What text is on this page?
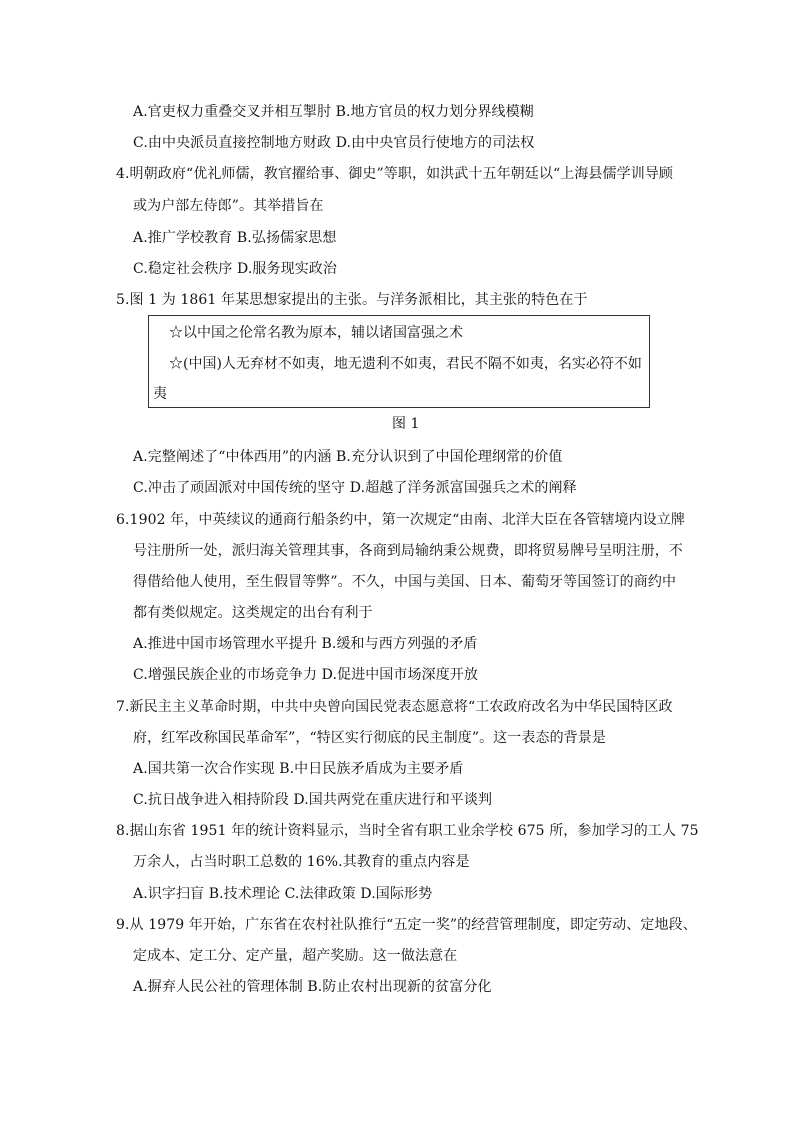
A.官吏权力重叠交叉并相互掣肘 B.地方官员的权力划分界线模糊
C.由中央派员直接控制地方财政 D.由中央官员行使地方的司法权
4.明朝政府“优礼师儒，教官擢给事、御史”等职，如洪武十五年朝廷以“上海县儒学训导顾
或为户部左侍郎”。其举措旨在
A.推广学校教育 B.弘扬儒家思想
C.稳定社会秩序 D.服务现实政治
5.图 1 为 1861 年某思想家提出的主张。与洋务派相比，其主张的特色在于
☆以中国之伦常名教为原本，辅以诸国富强之术
☆(中国)人无弃材不如夷，地无遗利不如夷，君民不隔不如夷，名实必符不如
夷
图 1
A.完整阐述了“中体西用”的内涵 B.充分认识到了中国伦理纲常的价值
C.冲击了顽固派对中国传统的坚守 D.超越了洋务派富国强兵之术的阐释
6.1902 年，中英续议的通商行船条约中，第一次规定“由南、北洋大臣在各管辖境内设立牌
号注册所一处，派归海关管理其事，各商到局输纳秉公规费，即将贸易牌号呈明注册，不
得借给他人使用，至生假冒等弊”。不久，中国与美国、日本、葡萄牙等国签订的商约中
都有类似规定。这类规定的出台有利于
A.推进中国市场管理水平提升 B.缓和与西方列强的矛盾
C.增强民族企业的市场竞争力 D.促进中国市场深度开放
7.新民主主义革命时期，中共中央曾向国民党表态愿意将“工农政府改名为中华民国特区政
府，红军改称国民革命军”，“特区实行彻底的民主制度”。这一表态的背景是
A.国共第一次合作实现 B.中日民族矛盾成为主要矛盾
C.抗日战争进入相持阶段 D.国共两党在重庆进行和平谈判
8.据山东省 1951 年的统计资料显示，当时全省有职工业余学校 675 所，参加学习的工人 75
万余人，占当时职工总数的 16%.其教育的重点内容是
A.识字扫盲 B.技术理论 C.法律政策 D.国际形势
9.从 1979 年开始，广东省在农村社队推行“五定一奖”的经营管理制度，即定劳动、定地段、
定成本、定工分、定产量，超产奖励。这一做法意在
A.摒弃人民公社的管理体制 B.防止农村出现新的贫富分化
